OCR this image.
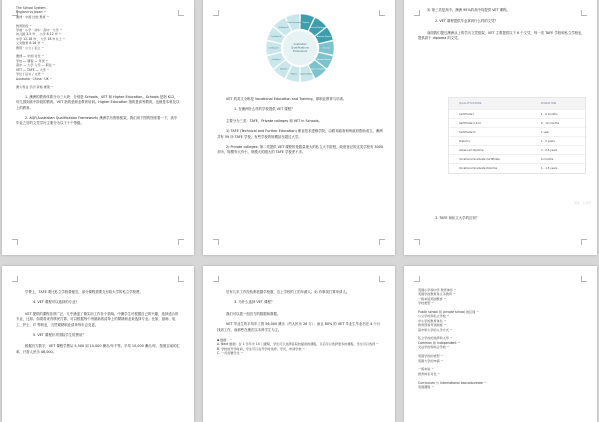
The School System -
England vs Japan ~
澳洲 · 中国 比较 教育 ~

教育阶段 ~
学前 · 小学 · 初中 · 高中 · 大学 ~
幼儿园 3-5 岁 ，小学 6-12 岁 ~
中学 12-18 岁 ，大学 18 岁以上 ~
义务教育 6-16 岁 ~
费用 · 公立 / 私立 ~

澳洲 — 中国 对比 ~
学校 — 课程 — 考试 ~
高中 — 大学 入学 — 职业 ~
VET — TAFE — 大学 ~
学位 / 证书 / 文凭 ~
Australia · China · UK ~

澳大利亚 学历 资格 框架 ~

1. 澳洲的教育体系分为三大块：分别是 Schools、VET 和 Higher Education。Schools 是指 K12，幼儿园到高中阶段的教育。VET 指的是职业教育培训。Higher Education 指的是高等教育，也就是本科及以上的教育。

2. AQF(Australian Qualification Framework) 澳洲学历资格框架，我们用下图的图来看一下，高中毕业之后的文凭学历主要分为以下十个等级。

Diploma
Advanced Diploma
Associate Degree
Bachelor
Bachelor Honours
Graduate Certificate
Graduate Diploma
Masters
Doctoral
Certificate I
Certificate II
Certificate III
Certificate IV
Senior Secondary
Australian
Qualifications
Framework

VET 的英文全称是 Vocational Education and Training，即职业教育与培训。

1. 在澳洲什么样的学校提供 VET 课程？

主要分为三类：TAFE、Private colleges 和 VET in Schools。

1) TAFE (Technical and Further Education) 职业技术进修学院，由联邦政府和州政府资助成立，澳洲共有 59 所 TAFE 学校，有些学校的规模甚至超过大学。

2) Private colleges: 第二类提供 VET 课程的是数量庞大的私立大专院校，政府登记的这类学校有 5000 多所，规模有大有小，规模大的跟大的 TAFE 学校差不多。

3) 第三类是高中。澳洲 95%的高中均提供 VET 课程。

2. VET 课程提供毕业拿到什么样的文凭？

前面我们提过澳洲从上的学历文凭框架，VET 主要提供以下 6 个文凭，每一类 TAFE 学校和私立学校也提供高于 diploma 的文凭。

QUALIFICATION	DURATION
Certificate I	1 - 6 months
Certificate II & III	6 - 12 months
Certificate IV	1 year
Diploma	1 - 2 years
Advanced Diploma	2 - 2.5 years
Vocational Graduate Certificate	6 months
Vocational Graduate Diploma	1 - 1.5 years
知乎 · 公众号

3. TAFE 和私立大学的区别？

学费上，TAFE 要比私立学校要便宜，部分课程需要支付给大学的私立学校费。

4. VET 课程可以选择的专业？

VET 提供的课程非常广泛，几乎涵盖了像实用工作各个领域。中澳学生可根据自己的兴趣，选择适合的专业，比如。如果将来有移民打算，可以根据每个州最新的清单上的紧缺职业来选择专业。比如，厨师、电工、护士、IT 等职业，当然紧缺职业清单每年会变更。

5. VET 课程针对国际学生的费用？

根据官方数字，VET 课程学费从 5,500 到 10,000 澳币/年不等。平均 10,000 澳币/年，按照目前的汇率，只需人民币 46,000。

后有几年工作经验都依据学校数，边上学校的工的年薪人。4) 有事找打算申请人。

3. 为什么选择 VET 课程？

我们可以看一组官方的数据和数据。

VET 毕业生的平均年工资 56,000 澳币（约人民币 26 万）；而且 80% 的 VET 毕业生毕业后在 4 个月找到工作，而那些在澳在以本科学生为主。

▪ 数据：~
A. Next 数据：在 1 学年中 14 门课程，学生可以选择各院校提供的课程，以后可以选择更多的课程，学生可以选择 ~
B. 学校的开学时间，学生可以在开学时选择。学历，申请学校 ~
C. 一些需要学生 ~
英国小学和中学 教育体系 ~
英国学校教育是义务教育 ~
一般来说英国教育 ~
学校类型 ~

Public school 和 private school 的区别 ~
公立学校和私立学校 ~
中小学的教育体系 ~
教育部和考试制度 ~
高中和大学的入学方式 ~

私立学校的选择和入学 ~
Common 和 Independent ~
文法学校和综合学校 ~

英国学校的类型 ~
英国大学的申请 ~

一般来说 ~
教育体系对比 ~

Curriculum 与 International baccalaureate ~
英国课程 ~
